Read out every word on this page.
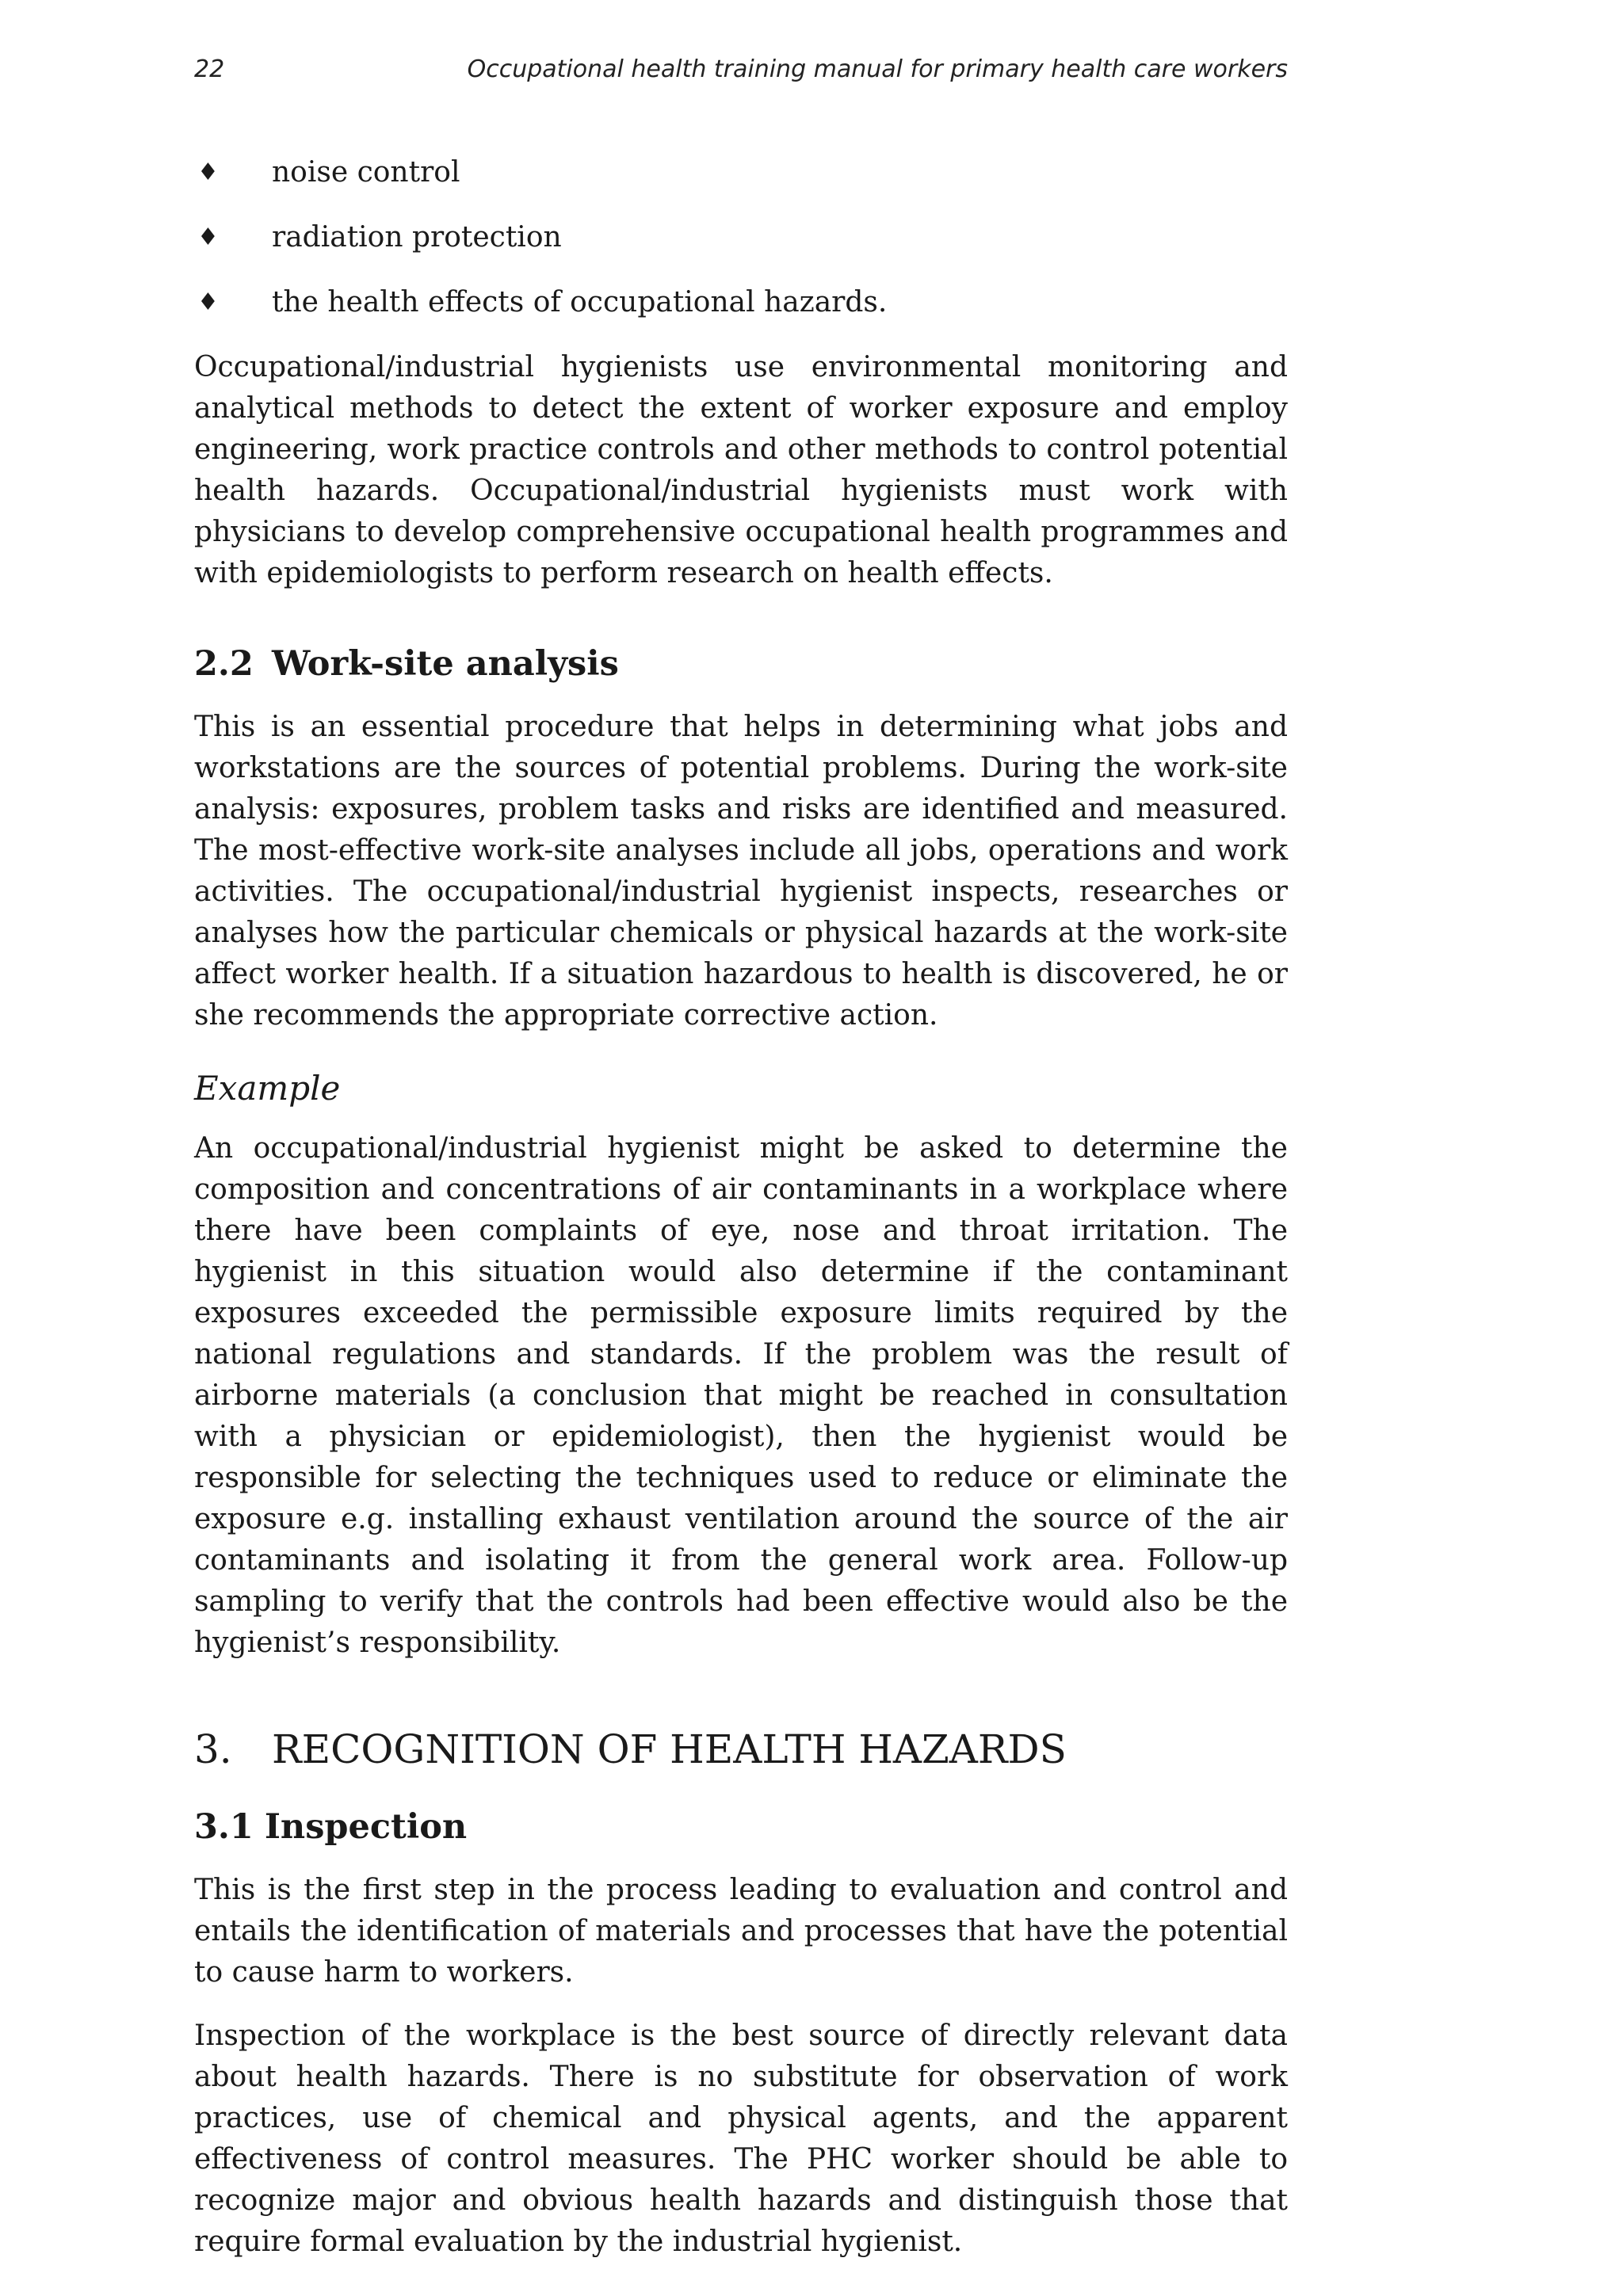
22	Occupational health training manual for primary health care workers
♦ noise control
♦ radiation protection
♦ the health effects of occupational hazards.

Occupational/industrial hygienists use environmental monitoring and analytical methods to detect the extent of worker exposure and employ engineering, work practice controls and other methods to control potential health hazards. Occupational/industrial hygienists must work with physicians to develop comprehensive occupational health programmes and with epidemiologists to perform research on health effects.

2.2 Work-site analysis

This is an essential procedure that helps in determining what jobs and workstations are the sources of potential problems. During the work-site analysis: exposures, problem tasks and risks are identified and measured. The most-effective work-site analyses include all jobs, operations and work activities. The occupational/industrial hygienist inspects, researches or analyses how the particular chemicals or physical hazards at the work-site affect worker health. If a situation hazardous to health is discovered, he or she recommends the appropriate corrective action.

Example

An occupational/industrial hygienist might be asked to determine the composition and concentrations of air contaminants in a workplace where there have been complaints of eye, nose and throat irritation. The hygienist in this situation would also determine if the contaminant exposures exceeded the permissible exposure limits required by the national regulations and standards. If the problem was the result of airborne materials (a conclusion that might be reached in consultation with a physician or epidemiologist), then the hygienist would be responsible for selecting the techniques used to reduce or eliminate the exposure e.g. installing exhaust ventilation around the source of the air contaminants and isolating it from the general work area. Follow-up sampling to verify that the controls had been effective would also be the hygienist’s responsibility.

3. RECOGNITION OF HEALTH HAZARDS
3.1 Inspection

This is the first step in the process leading to evaluation and control and entails the identification of materials and processes that have the potential to cause harm to workers.

Inspection of the workplace is the best source of directly relevant data about health hazards. There is no substitute for observation of work practices, use of chemical and physical agents, and the apparent effectiveness of control measures. The PHC worker should be able to recognize major and obvious health hazards and distinguish those that require formal evaluation by the industrial hygienist.
